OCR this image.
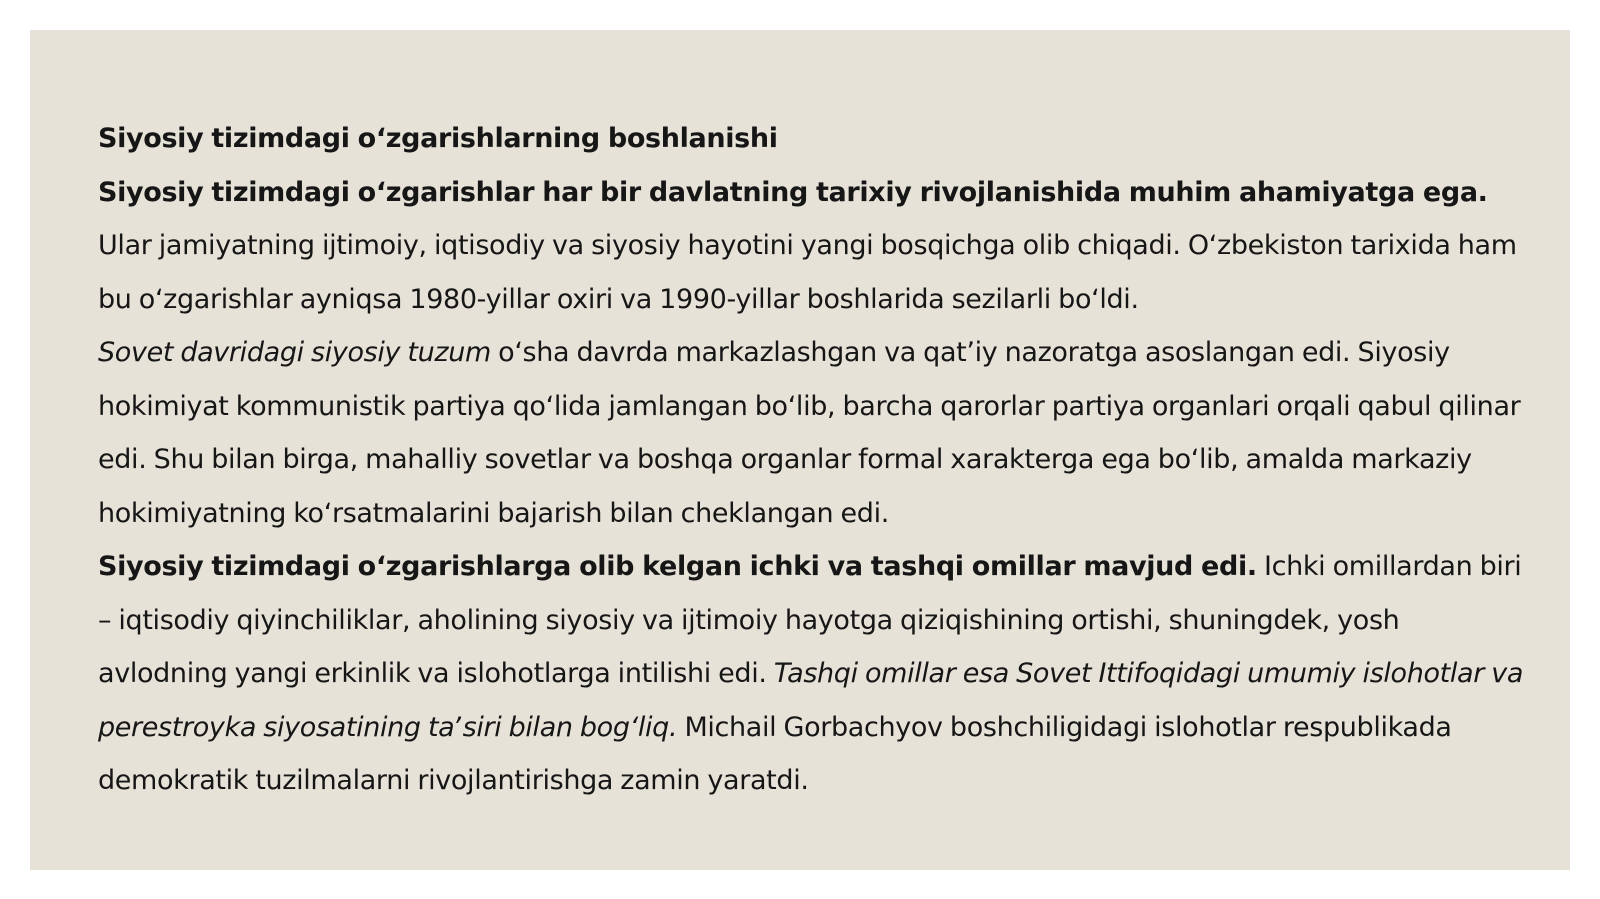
Siyosiy tizimdagi oʻzgarishlarning boshlanishi

Siyosiy tizimdagi oʻzgarishlar har bir davlatning tarixiy rivojlanishida muhim ahamiyatga ega.
Ular jamiyatning ijtimoiy, iqtisodiy va siyosiy hayotini yangi bosqichga olib chiqadi. Oʻzbekiston tarixida ham bu oʻzgarishlar ayniqsa 1980-yillar oxiri va 1990-yillar boshlarida sezilarli boʻldi.

Sovet davridagi siyosiy tuzum oʻsha davrda markazlashgan va qatʼiy nazoratga asoslangan edi. Siyosiy hokimiyat kommunistik partiya qoʻlida jamlangan boʻlib, barcha qarorlar partiya organlari orqali qabul qilinar edi. Shu bilan birga, mahalliy sovetlar va boshqa organlar formal xarakterga ega boʻlib, amalda markaziy hokimiyatning koʻrsatmalarini bajarish bilan cheklangan edi.

Siyosiy tizimdagi oʻzgarishlarga olib kelgan ichki va tashqi omillar mavjud edi. Ichki omillardan biri – iqtisodiy qiyinchiliklar, aholining siyosiy va ijtimoiy hayotga qiziqishining ortishi, shuningdek, yosh avlodning yangi erkinlik va islohotlarga intilishi edi. Tashqi omillar esa Sovet Ittifoqidagi umumiy islohotlar va perestroyka siyosatining taʼsiri bilan bogʻliq. Michail Gorbachyov boshchiligidagi islohotlar respublikada demokratik tuzilmalarni rivojlantirishga zamin yaratdi.
